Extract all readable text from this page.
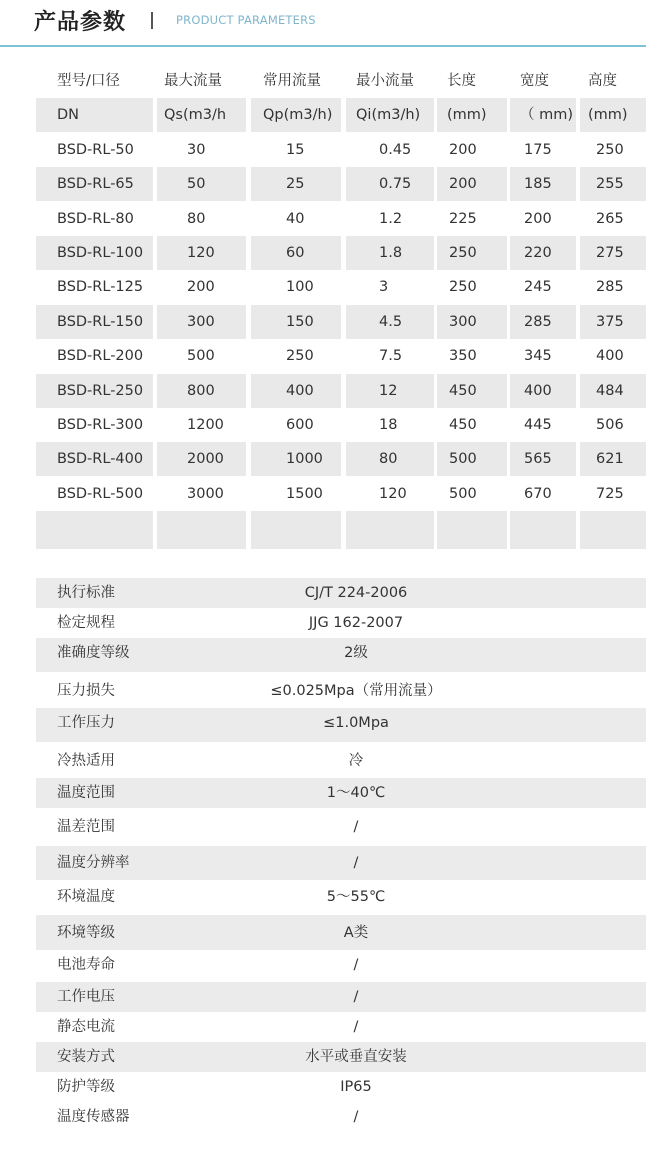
产品参数	PRODUCT PARAMETERS
型号/口径	最大流量	常用流量	最小流量	长度	宽度	高度
DN	Qs(m3/h	Qp(m3/h)	Qi(m3/h)	(mm)	（ mm)	(mm)
BSD-RL-50	30	15	0.45	200	175	250
BSD-RL-65	50	25	0.75	200	185	255
BSD-RL-80	80	40	1.2	225	200	265
BSD-RL-100	120	60	1.8	250	220	275
BSD-RL-125	200	100	3	250	245	285
BSD-RL-150	300	150	4.5	300	285	375
BSD-RL-200	500	250	7.5	350	345	400
BSD-RL-250	800	400	12	450	400	484
BSD-RL-300	1200	600	18	450	445	506
BSD-RL-400	2000	1000	80	500	565	621
BSD-RL-500	3000	1500	120	500	670	725
执行标准	CJ/T 224-2006
检定规程	JJG 162-2007
准确度等级	2级
压力损失	≤0.025Mpa（常用流量）
工作压力	≤1.0Mpa
冷热适用	冷
温度范围	1～40℃
温差范围	/
温度分辨率	/
环境温度	5～55℃
环境等级	A类
电池寿命	/
工作电压	/
静态电流	/
安装方式	水平或垂直安装
防护等级	IP65
温度传感器	/
